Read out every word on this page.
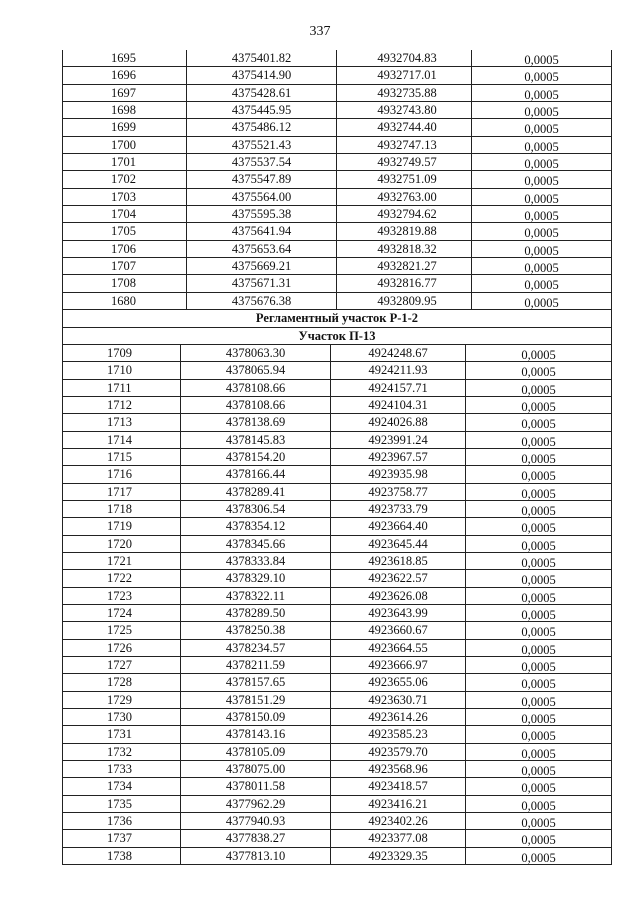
337
1695	4375401.82	4932704.83	0,0005
1696	4375414.90	4932717.01	0,0005
1697	4375428.61	4932735.88	0,0005
1698	4375445.95	4932743.80	0,0005
1699	4375486.12	4932744.40	0,0005
1700	4375521.43	4932747.13	0,0005
1701	4375537.54	4932749.57	0,0005
1702	4375547.89	4932751.09	0,0005
1703	4375564.00	4932763.00	0,0005
1704	4375595.38	4932794.62	0,0005
1705	4375641.94	4932819.88	0,0005
1706	4375653.64	4932818.32	0,0005
1707	4375669.21	4932821.27	0,0005
1708	4375671.31	4932816.77	0,0005
1680	4375676.38	4932809.95	0,0005
Регламентный участок Р-1-2
Участок П-13
1709	4378063.30	4924248.67	0,0005
1710	4378065.94	4924211.93	0,0005
1711	4378108.66	4924157.71	0,0005
1712	4378108.66	4924104.31	0,0005
1713	4378138.69	4924026.88	0,0005
1714	4378145.83	4923991.24	0,0005
1715	4378154.20	4923967.57	0,0005
1716	4378166.44	4923935.98	0,0005
1717	4378289.41	4923758.77	0,0005
1718	4378306.54	4923733.79	0,0005
1719	4378354.12	4923664.40	0,0005
1720	4378345.66	4923645.44	0,0005
1721	4378333.84	4923618.85	0,0005
1722	4378329.10	4923622.57	0,0005
1723	4378322.11	4923626.08	0,0005
1724	4378289.50	4923643.99	0,0005
1725	4378250.38	4923660.67	0,0005
1726	4378234.57	4923664.55	0,0005
1727	4378211.59	4923666.97	0,0005
1728	4378157.65	4923655.06	0,0005
1729	4378151.29	4923630.71	0,0005
1730	4378150.09	4923614.26	0,0005
1731	4378143.16	4923585.23	0,0005
1732	4378105.09	4923579.70	0,0005
1733	4378075.00	4923568.96	0,0005
1734	4378011.58	4923418.57	0,0005
1735	4377962.29	4923416.21	0,0005
1736	4377940.93	4923402.26	0,0005
1737	4377838.27	4923377.08	0,0005
1738	4377813.10	4923329.35	0,0005
